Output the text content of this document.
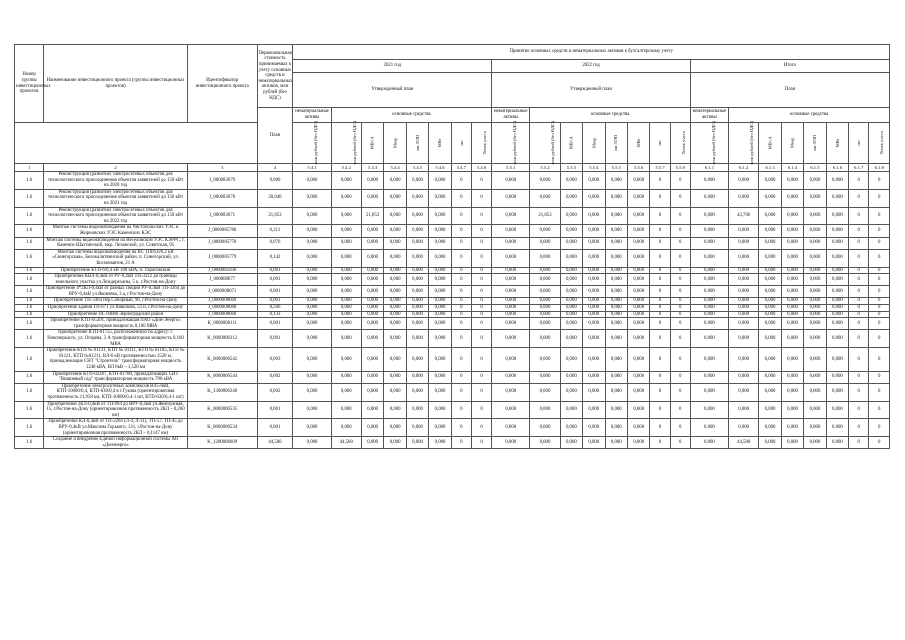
Номер группы инвестиционных проектов	Наименование инвестиционного проекта (группы инвестиционных проектов)	Идентификатор инвестиционного проекта	Первоначальная стоимость принимаемых к учету основных средств и нематериальных активов, млн рублей (без НДС)	Принятие основных средств и нематериальных активов к бухгалтерскому учету																							
				2021 год								2022 год								Итого							
				Утвержденный план								Утвержденный план								План							
			План	нематериальные активы	основные средства							нематериальные активы	основные средства							нематериальные активы	основные средства						
				млн рублей (без НДС)	млн рублей (без НДС)	МВ×А	Мвар	км ЛЭП	МВт	шт	Точек учета	млн рублей (без НДС)	млн рублей (без НДС)	МВ×А	Мвар	км ЛЭП	МВт	шт	Точек учета	млн рублей (без НДС)	млн рублей (без НДС)	МВ×А	Мвар	км ЛЭП	МВт	шт	Точек учета
1	2	3	4	5.4.1	5.4.2	5.4.3	5.4.4	5.4.5	5.4.6	5.4.7	5.4.8	5.5.1	5.5.2	5.5.3	5.5.4	5.5.5	5.5.6	5.5.7	5.5.8	6.1.1	6.1.2	6.1.3	6.1.4	6.1.5	6.1.6	6.1.7	6.1.8
1.6	Реконструкция (развитие) электросетевых объектов для технологического присоединения объектов заявителей до 150 кВт на 2020 год	I_000083679	9,000	0,000	0,000	0,000	0,000	0,000	0,000	0	0	0,000	0,000	0,000	0,000	0,000	0,000	0	0	0,000	0,000	0,000	0,000	0,000	0,000	0	0
1.6	Реконструкция (развитие) электросетевых объектов для технологического присоединения объектов заявителей до 150 кВт на 2021 год	I_000083678	20,040	0,000	0,000	0,000	0,000	0,000	0,000	0	0	0,000	0,000	0,000	0,000	0,000	0,000	0	0	0,000	0,000	0,000	0,000	0,000	0,000	0	0
1.6	Реконструкция (развитие) электросетевых объектов для технологического присоединения объектов заявителей до 150 кВт на 2022 год	I_000083671	21,853	0,000	0,000	21,853	0,000	0,000	0,000	0	0	0,000	21,853	0,000	0,000	0,000	0,000	0	0	0,000	43,706	0,000	0,000	0,000	0,000	0	0
1.6	Монтаж системы видеонаблюдения на Чистопольских УЭС и Жирновских УЭС Каменских КЭС	J_0000085780	0,211	0,000	0,000	0,000	0,000	0,000	0,000	0	0	0,000	0,000	0,000	0,000	0,000	0,000	0	0	0,000	0,000	0,000	0,000	0,000	0,000	0	0
1.6	Монтаж системы видеонаблюдения на Веселовском УЭС КЭРРС, г. Каменск-Шахтинский, мкр. Лиховской, ул. Советская, 95	J_0000085778	0,076	0,000	0,000	0,000	0,000	0,000	0,000	0	0	0,000	0,000	0,000	0,000	0,000	0,000	0	0	0,000	0,000	0,000	0,000	0,000	0,000	0	0
1.6	Монтаж системы видеонаблюдения на ВС 110/6,6/6,2 кВ «Синегорская», Белокалитвинский район, п. Синегорский, ул. Космонавтов, 21 А	J_0000085779	0,142	0,000	0,000	0,000	0,000	0,000	0,000	0	0	0,000	0,000	0,000	0,000	0,000	0,000	0	0	0,000	0,000	0,000	0,000	0,000	0,000	0	0
1.6	Приобретение КТП-6/0,4 кВ 100 кВА, п. Тарасовский	J_0000085936	0,001	0,000	0,000	0,000	0,000	0,000	0,000	0	0	0,000	0,000	0,000	0,000	0,000	0,000	0	0	0,000	0,000	0,000	0,000	0,000	0,000	0	0
1.6	Приобретение КВЛ-0,4кВ от РУ-0,4кВ ТП-3312 до границы земельного участка ул.Леждереханы, 5 к, г.Ростов-на-Дону	J_000008677	0,001	0,000	0,000	0,000	0,000	0,000	0,000	0	0	0,000	0,000	0,000	0,000	0,000	0,000	0	0	0,000	0,000	0,000	0,000	0,000	0,000	0	0
1.6	Приобретение 4*2КЛ-0,4кВ от разных секций РУ-0,4кВ ТП-3364 до ВРУ-0,4кВ ул.Яковлева, 3 а, г.Ростов-на-Дону	J_0000008671	0,001	0,000	0,000	0,000	0,000	0,000	0,000	0	0	0,000	0,000	0,000	0,000	0,000	0,000	0	0	0,000	0,000	0,000	0,000	0,000	0,000	0	0
1.6	Приобретение ТП-3364 пер.Соборный, 96, г.Ростов-на-Дону	J_0000008669	0,001	0,000	0,000	0,000	0,000	0,000	0,000	0	0	0,000	0,000	0,000	0,000	0,000	0,000	0	0	0,000	0,000	0,000	0,000	0,000	0,000	0	0
1.6	Приобретение здания ТП-671 ул.Вавилова, 53 и, г.Ростов-на-Дону	J_0000008668	0,566	0,000	0,000	0,000	0,000	0,000	0,000	0	0	0,000	0,000	0,000	0,000	0,000	0,000	0	0	0,000	0,000	0,000	0,000	0,000	0,000	0	0
1.6	Приобретение ПС 04066 Зерноградский район	J_0000008660	0,133	0,000	0,000	0,000	0,000	0,000	0,000	0	0	0,000	0,000	0,000	0,000	0,000	0,000	0	0	0,000	0,000	0,000	0,000	0,000	0,000	0	0
1.6	Приобретение КТП-05201, принадлежащая ПАО «Дон-Энерго» трансформаторная мощность 0,160 МВА	K_0000006111	0,001	0,000	0,000	0,000	0,000	0,000	0,000	0	0	0,000	0,000	0,000	0,000	0,000	0,000	0	0	0,000	0,000	0,000	0,000	0,000	0,000	0	0
1.6	Приобретение КТП-01755, расположенную по адресу: г. Новочеркасск, ул. Огарева, 3 А трансформаторная мощность 0,160 МВА	K_0000006312	0,001	0,000	0,000	0,000	0,000	0,000	0,000	0	0	0,000	0,000	0,000	0,000	0,000	0,000	0	0	0,000	0,000	0,000	0,000	0,000	0,000	0	0
1.6	Приобретение КТП № 01131, КТП № 01111, КТП № 01105, КТП № 01121, КТП №01211, ВЛ-6 кВ протяженностью 1520 м, принадлежащие СНТ "Строитель" трансформаторная мощность 1240 кВА, ВЛ 6кВ – 1,520 км	K_0000006542	0,003	0,000	0,000	0,000	0,000	0,000	0,000	0	0	0,000	0,000	0,000	0,000	0,000	0,000	0	0	0,000	0,000	0,000	0,000	0,000	0,000	0	0
1.6	Приобретение КТП-02287, КТП-01780, принадлежащих СНТ "Вишневый сад" трансформаторная мощность 790 кВА	K_0000006544	0,002	0,000	0,000	0,000	0,000	0,000	0,000	0	0	0,000	0,000	0,000	0,000	0,000	0,000	0	0	0,000	0,000	0,000	0,000	0,000	0,000	0	0
1.6	Приобретение электросетевых комплексов ВЛ5-6кВ, КТП-10000/0,4, КТП-630/0,4 в г.Гукова (ориентировочная протяженность 11,958 км, КТП-10000/0,4-1 шт, КТП-630/0,4-1 шт)	K_1300006340	0,002	0,000	0,000	0,000	0,000	0,000	0,000	0	0	0,000	0,000	0,000	0,000	0,000	0,000	0	0	0,000	0,000	0,000	0,000	0,000	0,000	0	0
1.6	Приобретение 2КЛ-0,4кВ от ТП-994 до ВРУ-0,4кВ ул.Жемчужная, 15, г.Ростов-на-Дону (ориентировочная протяженность 2КЛ – 0,260 км)	K_0000006535	0,001	0,000	0,000	0,000	0,000	0,000	0,000	0	0	0,000	0,000	0,000	0,000	0,000	0,000	0	0	0,000	0,000	0,000	0,000	0,000	0,000	0	0
1.6	Приобретение КЛ-0,4кВ от ТП-2264 (Л-4, Л-11), ТП-57, ТП-45 до ВРУ-0,4кВ ул.Максима Горького, 131, г.Ростов-на-Дону (ориентировочная протяженность 2КЛ – 0,1147 км)	K_0000006534	0,001	0,000	0,000	0,000	0,000	0,000	0,000	0	0	0,000	0,000	0,000	0,000	0,000	0,000	0	0	0,000	0,000	0,000	0,000	0,000	0,000	0	0
1.6	Создание и внедрение Единой информационной системы АО «Донэнерго»	K_1200006609	44,500	0,000	44,500	0,000	0,000	0,000	0,000	0	0	0,000	0,000	0,000	0,000	0,000	0,000	0	0	0,000	44,500	0,000	0,000	0,000	0,000	0	0
